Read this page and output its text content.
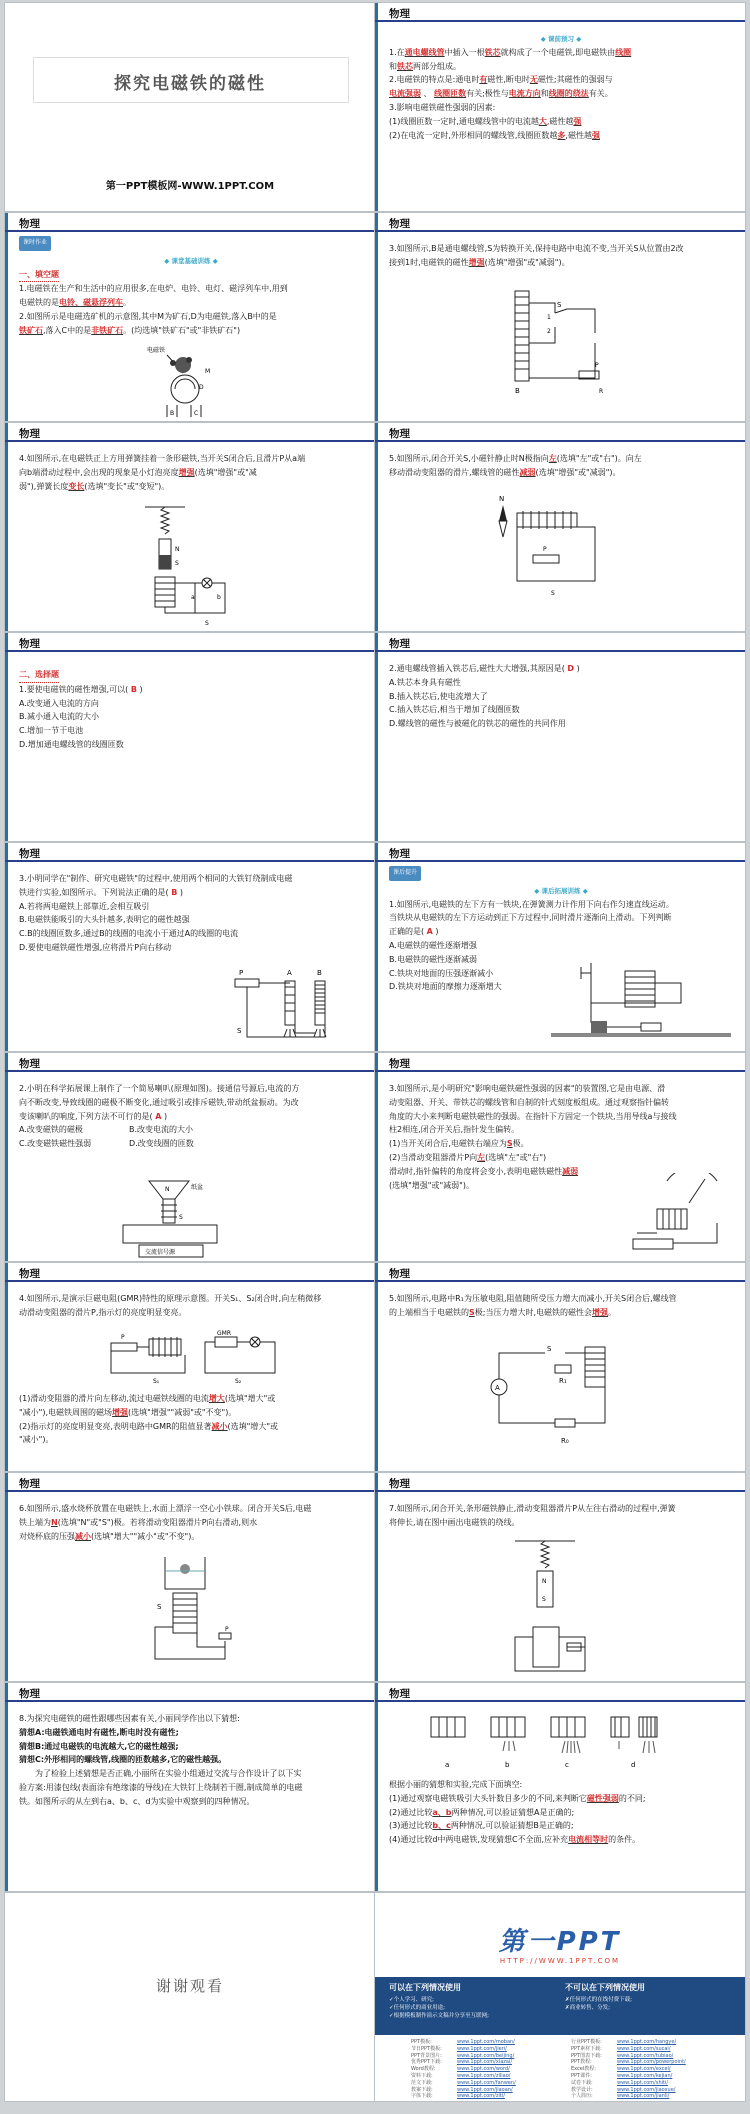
探究电磁铁的磁性
第一PPT模板网-WWW.1PPT.COM
物理
◆ 课前预习 ◆
1.在通电螺线管中插入一根铁芯就构成了一个电磁铁,即电磁铁由线圈
和铁芯两部分组成。
2.电磁铁的特点是:通电时有磁性,断电时无磁性;其磁性的强弱与
电流强弱 、 线圈匝数有关;极性与电流方向和线圈的绕法有关。
3.影响电磁铁磁性强弱的因素:
(1)线圈匝数一定时,通电螺线管中的电流越大,磁性越强
(2)在电流一定时,外形相同的螺线管,线圈匝数越多,磁性越强
物理
课时作业
◆ 课堂基础训练 ◆
一、填空题
1.电磁铁在生产和生活中的应用很多,在电炉、电铃、电灯、磁浮列车中,用到
电磁铁的是电铃、磁悬浮列车。
2.如图所示是电磁选矿机的示意图,其中M为矿石,D为电磁铁,落入B中的是
铁矿石,落入C中的是非铁矿石。(均选填"铁矿石"或"非铁矿石")
电磁铁
D
M
B	C
物理
3.如图所示,B是通电螺线管,S为转换开关,保持电路中电流不变,当开关S从位置由2改
接到1时,电磁铁的磁性增强(选填"增强"或"减弱")。
S
1
2
B
P
R
物理
4.如图所示,在电磁铁正上方用弹簧挂着一条形磁铁,当开关S闭合后,且滑片P从a端
向b端滑动过程中,会出现的现象是小灯泡亮度增强(选填"增强"或"减
弱"),弹簧长度变长(选填"变长"或"变短")。
N
S
a	b
S
物理
5.如图所示,闭合开关S,小磁针静止时N极指向左(选填"左"或"右")。向左
移动滑动变阻器的滑片,螺线管的磁性减弱(选填"增强"或"减弱")。
N
P
S
物理
二、选择题
1.要使电磁铁的磁性增强,可以( B )
A.改变通入电流的方向
B.减小通入电流的大小
C.增加一节干电池
D.增加通电螺线管的线圈匝数
物理
2.通电螺线管插入铁芯后,磁性大大增强,其原因是( D )
A.铁芯本身具有磁性
B.插入铁芯后,使电流增大了
C.插入铁芯后,相当于增加了线圈匝数
D.螺线管的磁性与被磁化的铁芯的磁性的共同作用
物理
3.小明同学在"制作、研究电磁铁"的过程中,使用两个相同的大铁钉绕制成电磁
铁进行实验,如图所示。下列说法正确的是( B )
A.若将两电磁铁上部靠近,会相互吸引
B.电磁铁能吸引的大头针越多,表明它的磁性越强
C.B的线圈匝数多,通过B的线圈的电流小于通过A的线圈的电流
D.要使电磁铁磁性增强,应将滑片P向右移动
P	A	B
S
物理
课后提升
◆ 课后拓展训练 ◆
1.如图所示,电磁铁的左下方有一铁块,在弹簧测力计作用下向右作匀速直线运动。
当铁块从电磁铁的左下方运动到正下方过程中,同时滑片逐渐向上滑动。下列判断
正确的是( A )
A.电磁铁的磁性逐渐增强
B.电磁铁的磁性逐渐减弱
C.铁块对地面的压强逐渐减小
D.铁块对地面的摩擦力逐渐增大
物理
2.小明在科学拓展课上制作了一个简易喇叭(原理如图)。接通信号源后,电流的方
向不断改变,导致线圈的磁极不断变化,通过吸引或排斥磁铁,带动纸盆振动。为改
变该喇叭的响度,下列方法不可行的是( A )
A.改变磁铁的磁极	B.改变电流的大小
C.改变磁铁磁性强弱	D.改变线圈的匝数
N	纸盆
S
交流信号源
物理
3.如图所示,是小明研究"影响电磁铁磁性强弱的因素"的装置图,它是由电源、滑
动变阻器、开关、带铁芯的螺线管和自制的针式刻度板组成。通过观察指针偏转
角度的大小来判断电磁铁磁性的强弱。在指针下方固定一个铁块,当用导线a与接线
柱2相连,闭合开关后,指针发生偏转。
(1)当开关闭合后,电磁铁右端应为S极。
(2)当滑动变阻器滑片P向左(选填"左"或"右")
滑动时,指针偏转的角度将会变小,表明电磁铁磁性减弱
(选填"增强"或"减弱")。
物理
4.如图所示,是演示巨磁电阻(GMR)特性的原理示意图。开关S₁、S₂闭合时,向左稍微移
动滑动变阻器的滑片P,指示灯的亮度明显变亮。
P
S₁
GMR
S₂
(1)滑动变阻器的滑片向左移动,流过电磁铁线圈的电流增大(选填"增大"或
"减小"),电磁铁周围的磁场增强(选填"增强""减弱"或"不变")。
(2)指示灯的亮度明显变亮,表明电路中GMR的阻值显著减小(选填"增大"或
"减小")。
物理
5.如图所示,电路中R₁为压敏电阻,阻值随所受压力增大而减小,开关S闭合后,螺线管
的上端相当于电磁铁的S极;当压力增大时,电磁铁的磁性会增强。
A
S
R₁
R₀
物理
6.如图所示,盛水烧杯放置在电磁铁上,水面上漂浮一空心小铁球。闭合开关S后,电磁
铁上端为N(选填"N"或"S")极。若将滑动变阻器滑片P向右滑动,则水
对烧杯底的压强减小(选填"增大""减小"或"不变")。
S
P
物理
7.如图所示,闭合开关,条形磁铁静止,滑动变阻器滑片P从左往右滑动的过程中,弹簧
将伸长,请在图中画出电磁铁的绕线。
N
S
物理
8.为探究电磁铁的磁性跟哪些因素有关,小丽同学作出以下猜想:
猜想A:电磁铁通电时有磁性,断电时没有磁性;
猜想B:通过电磁铁的电流越大,它的磁性越强;
猜想C:外形相同的螺线管,线圈的匝数越多,它的磁性越强。
为了检验上述猜想是否正确,小丽所在实验小组通过交流与合作设计了以下实
验方案:用漆包线(表面涂有绝缘漆的导线)在大铁钉上绕制若干圈,制成简单的电磁
铁。如图所示的从左到右a、b、c、d为实验中观察到的四种情况。
物理
a	b	c	d
根据小丽的猜想和实验,完成下面填空:
(1)通过观察电磁铁吸引大头针数目多少的不同,来判断它磁性强弱的不同;
(2)通过比较a、b两种情况,可以验证猜想A是正确的;
(3)通过比较b、c两种情况,可以验证猜想B是正确的;
(4)通过比较d中两电磁铁,发现猜想C不全面,应补充电流相等时的条件。
谢谢观看
第一PPT
HTTP://WWW.1PPT.COM
可以在下列情况使用
✓个人学习、研究;
✓任何形式的商业用途;
✓根据模板制作演示文稿并分享至互联网;
不可以在下列情况使用
✗任何形式的在线付费下载;
✗商业转售、分发;
PPT模板:	www.1ppt.com/moban/
节日PPT模板:	www.1ppt.com/jieri/
PPT背景图片:	www.1ppt.com/beijing/
优秀PPT下载:	www.1ppt.com/xiazai/
Word教程:	www.1ppt.com/word/
资料下载:	www.1ppt.com/ziliao/
范文下载:	www.1ppt.com/fanwen/
教案下载:	www.1ppt.com/jiaoan/
字体下载:	www.1ppt.com/ziti/
行业PPT模板:	www.1ppt.com/hangye/
PPT素材下载:	www.1ppt.com/sucai/
PPT图表下载:	www.1ppt.com/tubiao/
PPT教程:	www.1ppt.com/powerpoint/
Excel教程:	www.1ppt.com/excel/
PPT课件:	www.1ppt.com/kejian/
试卷下载:	www.1ppt.com/shiti/
教学设计:	www.1ppt.com/jiaoxue/
个人简历:	www.1ppt.com/jianli/
